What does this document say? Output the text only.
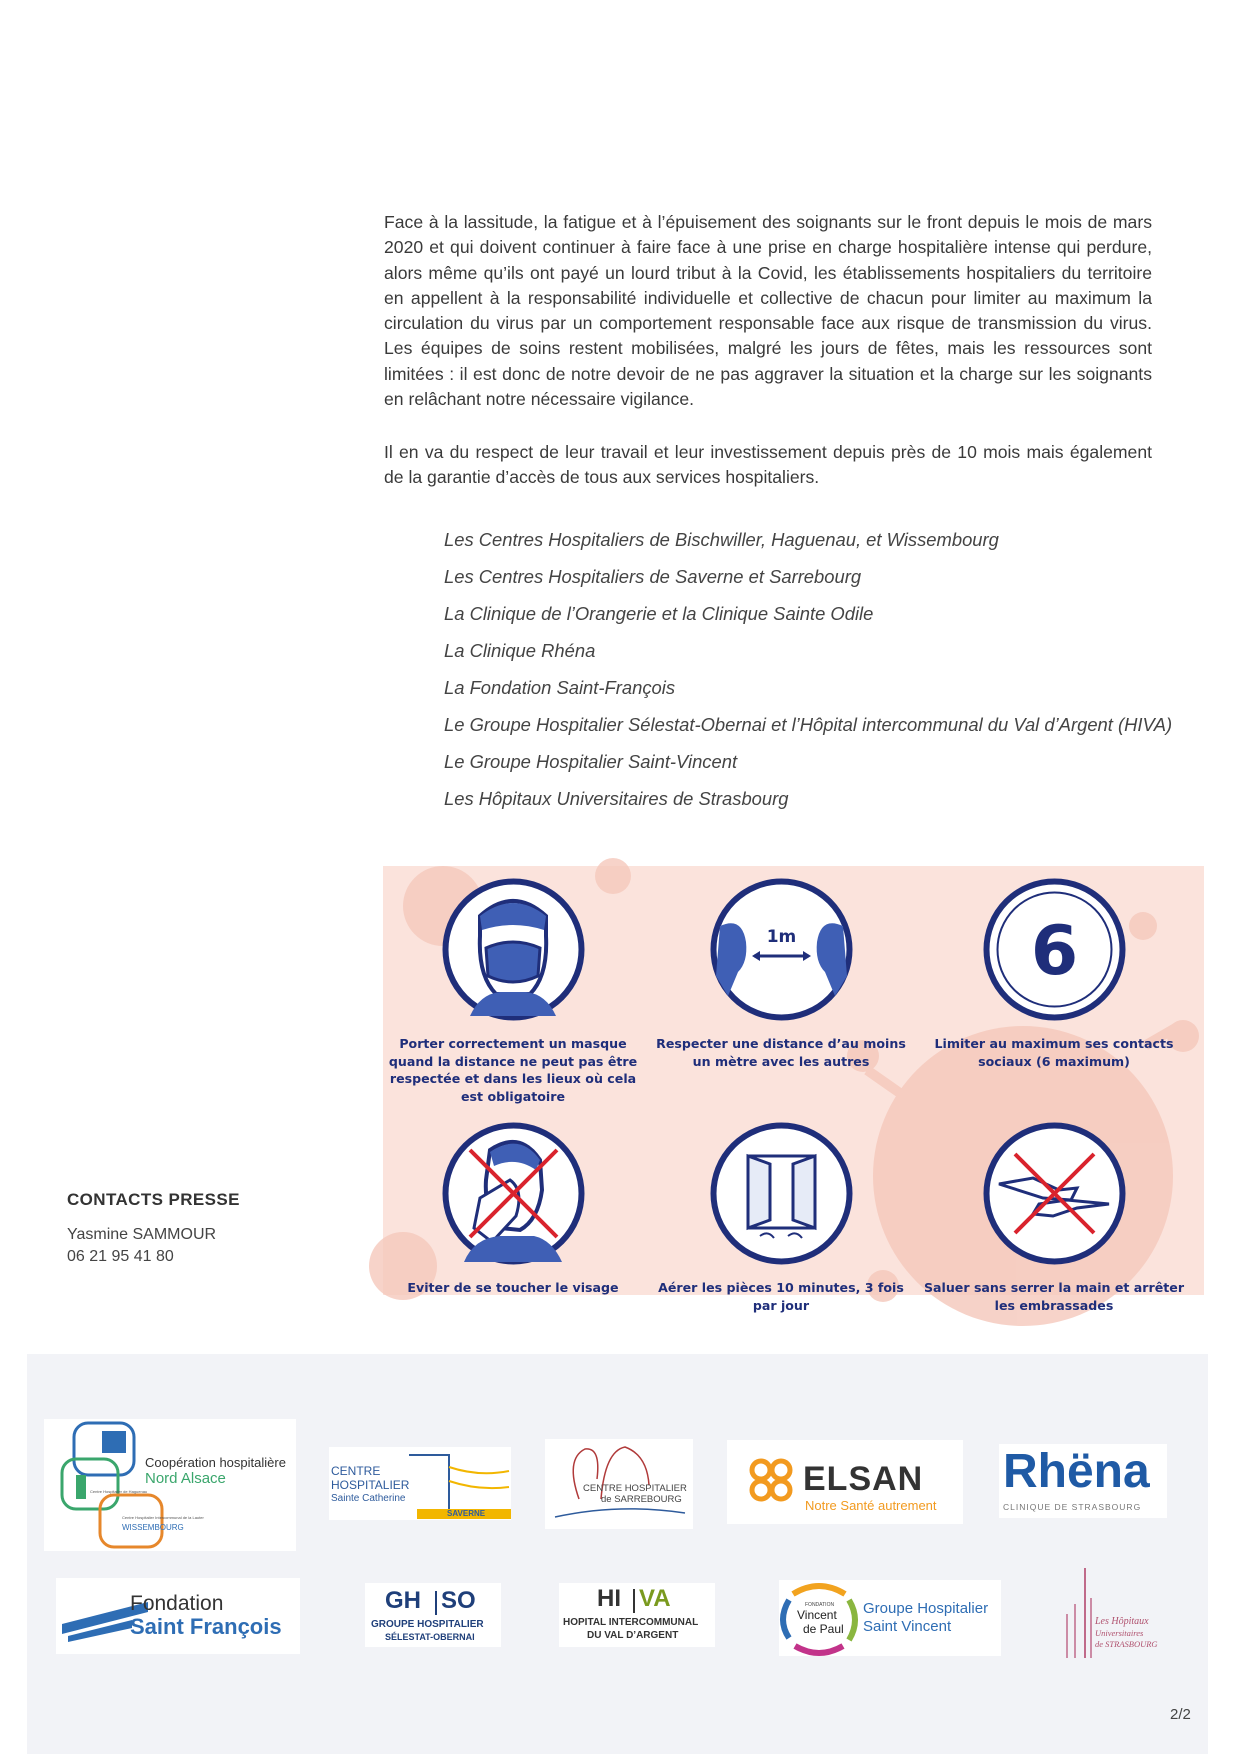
Face à la lassitude, la fatigue et à l’épuisement des soignants sur le front depuis le mois de mars 2020 et qui doivent continuer à faire face à une prise en charge hospitalière intense qui perdure, alors même qu’ils ont payé un lourd tribut à la Covid, les établissements hospitaliers du territoire en appellent à la responsabilité individuelle et collective de chacun pour limiter au maximum la circulation du virus par un comportement responsable face aux risque de transmission du virus. Les équipes de soins restent mobilisées, malgré les jours de fêtes, mais les ressources sont limitées : il est donc de notre devoir de ne pas aggraver la situation et la charge sur les soignants en relâchant notre nécessaire vigilance.

Il en va du respect de leur travail et leur investissement depuis près de 10 mois mais également de la garantie d’accès de tous aux services hospitaliers.

Les Centres Hospitaliers de Bischwiller, Haguenau, et Wissembourg
Les Centres Hospitaliers de Saverne et Sarrebourg
La Clinique de l’Orangerie et la Clinique Sainte Odile
La Clinique Rhéna
La Fondation Saint-François
Le Groupe Hospitalier Sélestat-Obernai et l’Hôpital intercommunal du Val d’Argent (HIVA)
Le Groupe Hospitalier Saint-Vincent
Les Hôpitaux Universitaires de Strasbourg
CONTACTS PRESSE
Yasmine SAMMOUR
06 21 95 41 80
Porter correctement un masque quand la distance ne peut pas être respectée et dans les lieux où cela est obligatoire
1m
Respecter une distance d’au moins un mètre avec les autres
6
Limiter au maximum ses contacts sociaux (6 maximum)
Eviter de se toucher le visage	Aérer les pièces 10 minutes, 3 fois par jour
Saluer sans serrer la main et arrêter les embrassades
Coopération hospitalière
Nord Alsace
Centre Hospitalier de Haguenau
Centre Hospitalier Intercommunal de la Lauter
WISSEMBOURG
CENTRE
HOSPITALIER
Sainte Catherine
SAVERNE
CENTRE HOSPITALIER
de SARREBOURG
ELSAN
Notre Santé autrement
Rhëna
CLINIQUE DE STRASBOURG
Fondation
Saint François
GH SO
GROUPE HOSPITALIER
SÉLESTAT-OBERNAI
HI VA
HOPITAL INTERCOMMUNAL
DU VAL D’ARGENT
FONDATION
Vincent
de Paul
Groupe Hospitalier
Saint Vincent	Les Hôpitaux
Universitaires
de STRASBOURG
2/2
